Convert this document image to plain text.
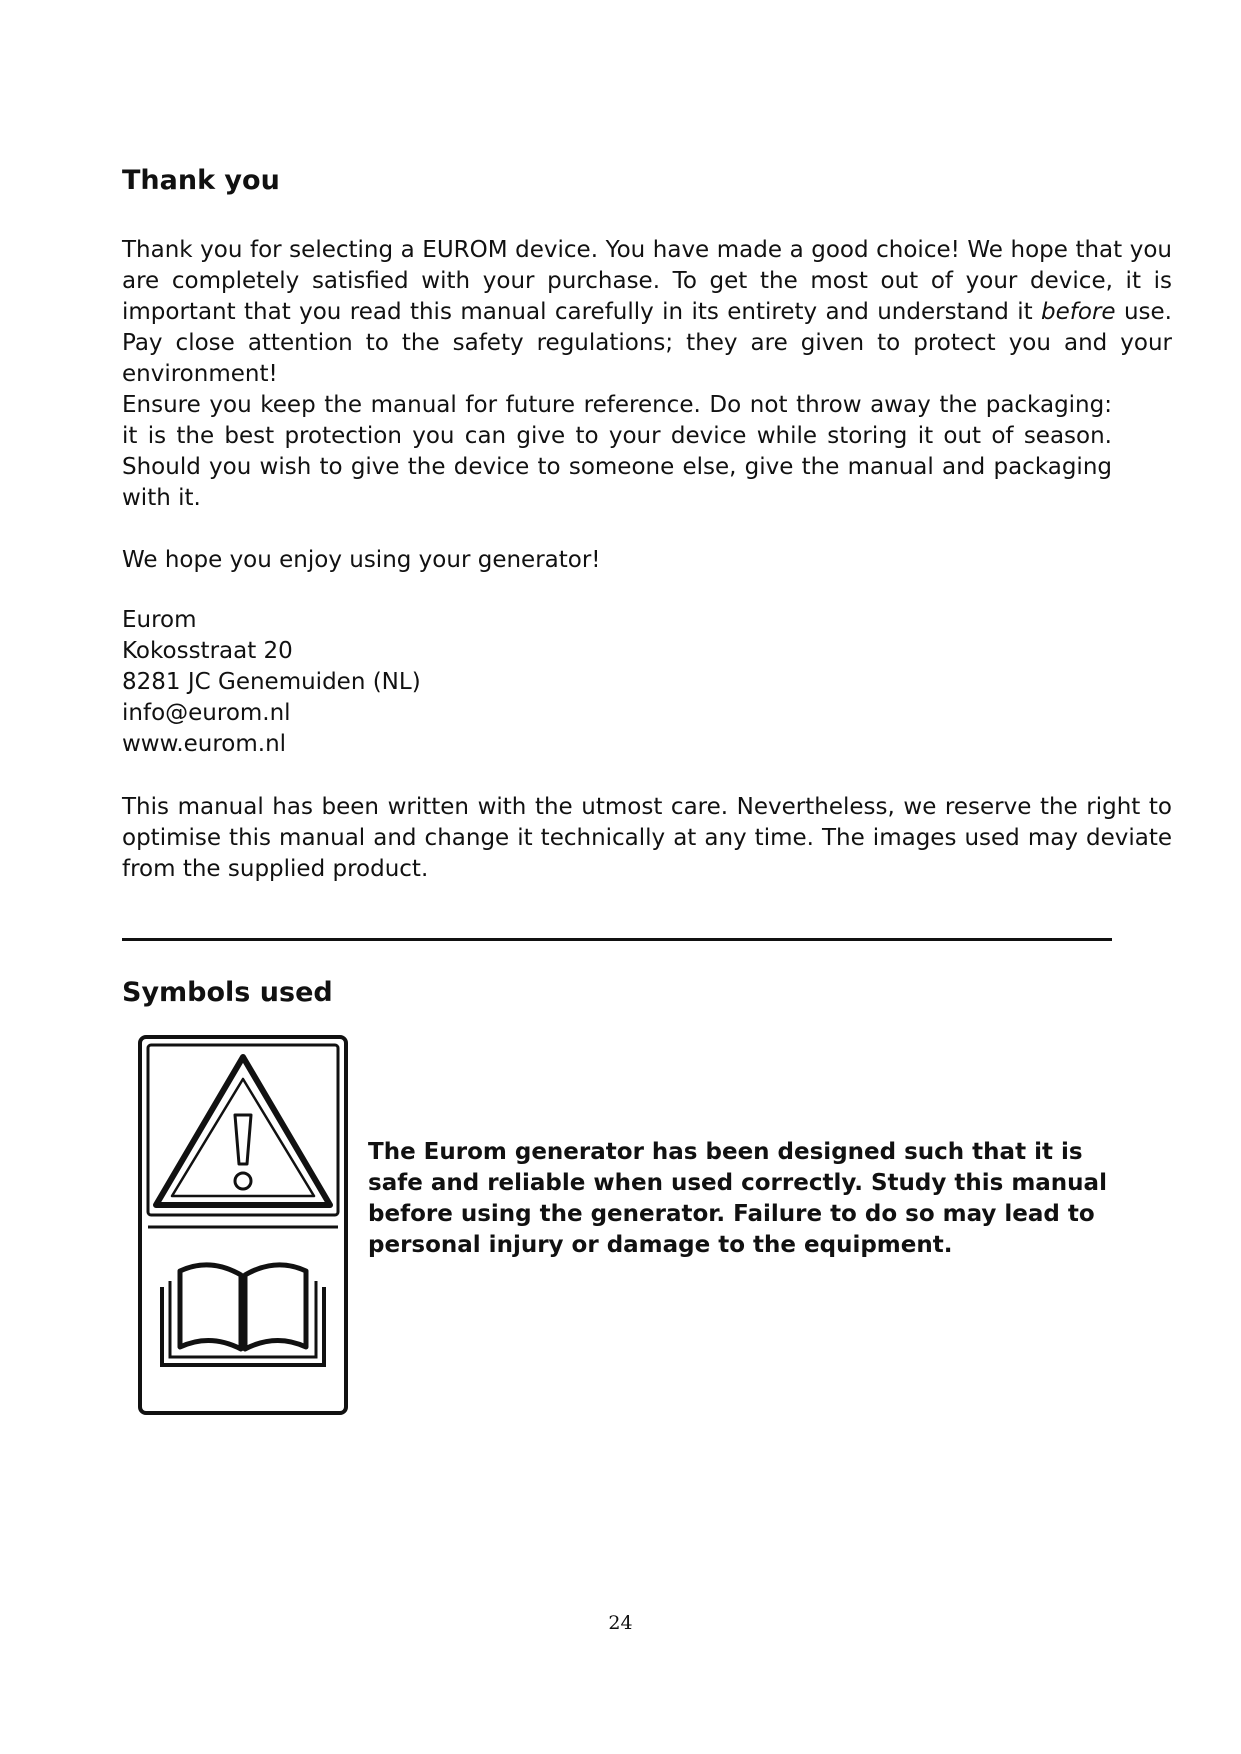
Thank you

Thank you for selecting a EUROM device. You have made a good choice! We hope that you are completely satisfied with your purchase. To get the most out of your device, it is important that you read this manual carefully in its entirety and understand it before use. Pay close attention to the safety regulations; they are given to protect you and your environment!

Ensure you keep the manual for future reference. Do not throw away the packaging: it is the best protection you can give to your device while storing it out of season. Should you wish to give the device to someone else, give the manual and packaging with it.

We hope you enjoy using your generator!

Eurom
Kokosstraat 20
8281 JC Genemuiden (NL)
info@eurom.nl
www.eurom.nl

This manual has been written with the utmost care. Nevertheless, we reserve the right to optimise this manual and change it technically at any time. The images used may deviate from the supplied product.

Symbols used

The Eurom generator has been designed such that it is safe and reliable when used correctly. Study this manual before using the generator. Failure to do so may lead to personal injury or damage to the equipment.

24
